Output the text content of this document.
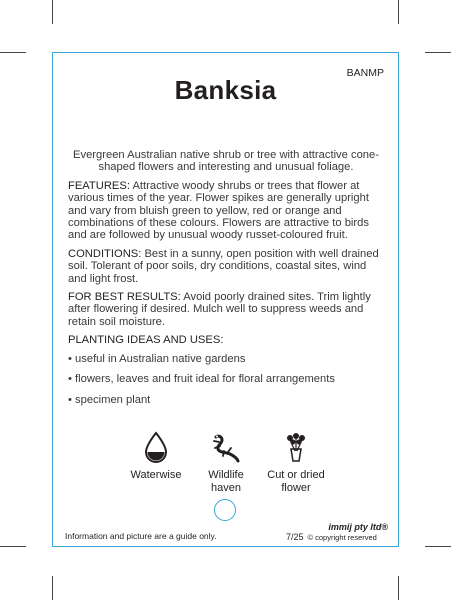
BANMP
Banksia
Evergreen Australian native shrub or tree with attractive cone-shaped flowers and interesting and unusual foliage.
FEATURES: Attractive woody shrubs or trees that flower at various times of the year. Flower spikes are generally upright and vary from bluish green to yellow, red or orange and combinations of these colours. Flowers are attractive to birds and are followed by unusual woody russet-coloured fruit.
CONDITIONS: Best in a sunny, open position with well drained soil. Tolerant of poor soils, dry conditions, coastal sites, wind and light frost.
FOR BEST RESULTS: Avoid poorly drained sites. Trim lightly after flowering if desired. Mulch well to suppress weeds and retain soil moisture.
PLANTING IDEAS AND USES:
• useful in Australian native gardens
• flowers, leaves and fruit ideal for floral arrangements
• specimen plant
Waterwise	Wildlife
haven
Cut or dried
flower
Information and picture are a guide only.
immij pty ltd®
7/25 © copyright reserved
